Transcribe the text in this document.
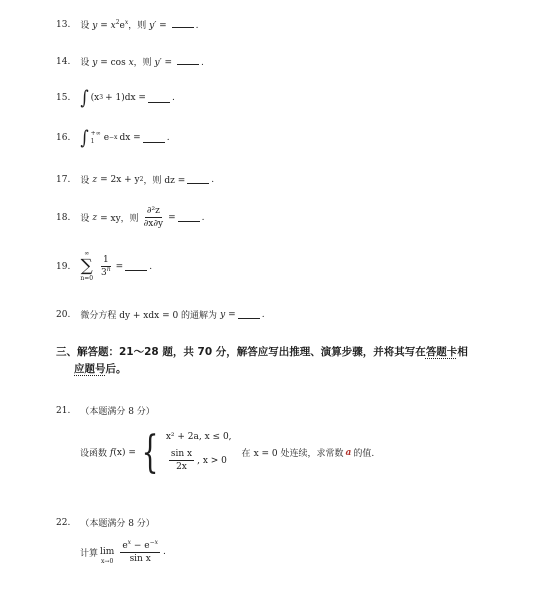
13. 设 $y = x^2e^x$，则 y′ =	.
14. 设 y = cos x，则 y′ =	.
15. ∫ (x 3 + 1)dx =	.
16. ∫ +∞
1	e −x dx =	.
17. 设 z = 2x + y 2 ，则 dz =	.
18. 设 z = xy，则 $\frac{\text{∂²z}}{\partial x\partial y}$ =	.
19.
∞
∑
$n=0 \frac{1}{3^n}$ =	.
20. 微分方程 dy + xdx = 0 的通解为 y =	.
三、解答题：21～28 题，共 70 分，解答应写出推理、演算步骤，并将其写在答题卡相
应题号后。
21. （本题满分 8 分）
设函数 f (x) = { x² + 2a, x ≤ 0,
$\frac{\text{sin x}}{2x}$ , x > 0
在 x = 0 处连续，求常数 a 的值.
22. （本题满分 8 分）
计算
lim
$x\to 0 \frac{e^x - e^{-x}}{\text{sin x}}$ .
